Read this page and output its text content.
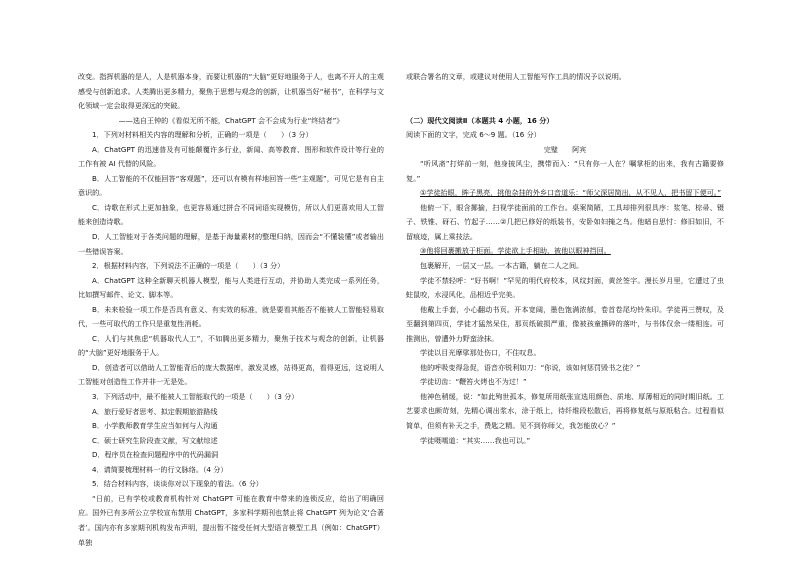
改变。指挥机器的是人，人是机器本身，而要让机器的“大脑”更好地服务于人，也离不开人的主观感受与创新追求。人类腾出更多精力，聚焦于思想与观念的创新，让机器当好“秘书”，在科学与文化领域一定会取得更深远的突破。

——选自王钟的《看似无所不能，ChatGPT 会不会成为行业“终结者”》

1．下列对材料相关内容的理解和分析，正确的一项是（　　）（3 分）

A．ChatGPT 的迅速普及有可能颠覆许多行业，新闻、高等教育、图形和软件设计等行业的工作有被 AI 代替的风险。

B．人工智能的不仅能回答“客观题”，还可以有模有样地回答一些“主观题”，可见它是有自主意识的。

C．诗歌在形式上更加抽象，也更容易通过拼合不同词语实现模仿，所以人们更喜欢用人工智能来创造诗歌。

D．人工智能对于各类问题的理解，是基于海量素材的整理归纳，因而会“不懂装懂”或者输出一些错误答案。

2．根据材料内容，下列说法不正确的一项是（　　）（3 分）

A．ChatGPT 这种全新聊天机器人模型，能与人类进行互动，并协助人类完成一系列任务，比如撰写邮件、论文、脚本等。

B．未来检验一项工作是否具有意义、有实效的标准，就是要看其能否不能被人工智能轻易取代，一些可取代的工作只是重复性消耗。

C．人们与其焦虑“机器取代人工”，不如腾出更多精力，聚焦于技术与观念的创新，让机器的“大脑”更好地服务于人。

D．创造者可以借助人工智能背后的庞大数据库，激发灵感，站得更高，看得更远，这说明人工智能对创造性工作并非一无是处。

3．下列活动中，最不能被人工智能取代的一项是（　　）（3 分）

A．旅行爱好者思考、拟定假期旅游路线

B．小学教师教育学生应当如何与人沟通

C．硕士研究生阶段查文献，写文献综述

D．程序员在检查问题程序中的代码漏洞

4．请简要梳理材料一的行文脉络。（4 分）

5．结合材料内容，谈谈你对以下现象的看法。（6 分）

“日前，已有学校或教育机构针对 ChatGPT 可能在教育中带来的连锁反应，给出了明确回应。国外已有多所公立学校宣布禁用 ChatGPT，多家科学期刊也禁止将 ChatGPT 列为论文‘合著者’。国内亦有多家期刊机构发布声明，提出暂不接受任何大型语言模型工具（例如：ChatGPT）单独

或联合署名的文章，或建议对使用人工智能写作工具的情况予以说明。

（二）现代文阅读Ⅱ（本题共 4 小题，16 分）

阅读下面的文字，完成 6～9 题。（16 分）

完璧　　阿宾

“听风斋”打烊前一刻，他身披风尘，携带而入：“只有你一人在？嘱掌柜的出来，我有古籍要修复。”

①学徒抬眼，眸子黑亮，挑他杂挂的外乡口音道乐：“师父深居简出，从不见人，把书留下便可。”

他俯一下，眼含揶揄，扫视学徒面前的工作台。桌案简陋，工具却排列很具序：浆笔、棕帚、镊子、铁锥、砑石、竹起子……②几把已修好的纸装书，安卧如妇掩之鸟。他暗自思忖：修旧如旧，不留痕迹，属上乘技法。

③他将回裹搬放于柜面。学徒欲上手相助，被他以眼神挡回。

包裹解开，一层又一层。一本古籍，躺在二人之间。

学徒不禁轻呼：“好书啊！”罕见的明代府校本，风纹封面，黄丝签字。漫长岁月里，它遭过了虫蛀鼠咬，水浸风化，品相近乎完美。

他戴上手套，小心翻动书页。开本宽阔，墨色饱满浓郁，卷首卷尾均铃朱印。学徒再三赞叹，及至翻到第四页，学徒才猛然呆住，那页纸破损严重，像被孩童撕碎的落叶，与书体仅余一缕相连。可推测出，曾遭外力野蛮涂抹。

学徒以目光摩挲那处伤口，不住叹息。

他的呼吸变得急促，语音亦锐利如刀：“你说，该如何惩罚毁书之徒？”

学徒切齿：“鞭笞火烤也不为过！”

他神色稍缓，说：“如此殉世孤本，修复所用纸张宣选用颜色、质地、厚薄相近的同时期旧纸。工艺要求也颇苛刻，先精心调出浆水，涂于纸上，待纤维段松散后，再将修复纸与原纸粘合。过程看似简单，但须有补天之手，费匙之精。见不到你师父，我怎能放心？”

学徒嗫嚅道：“其实……我也可以。”
